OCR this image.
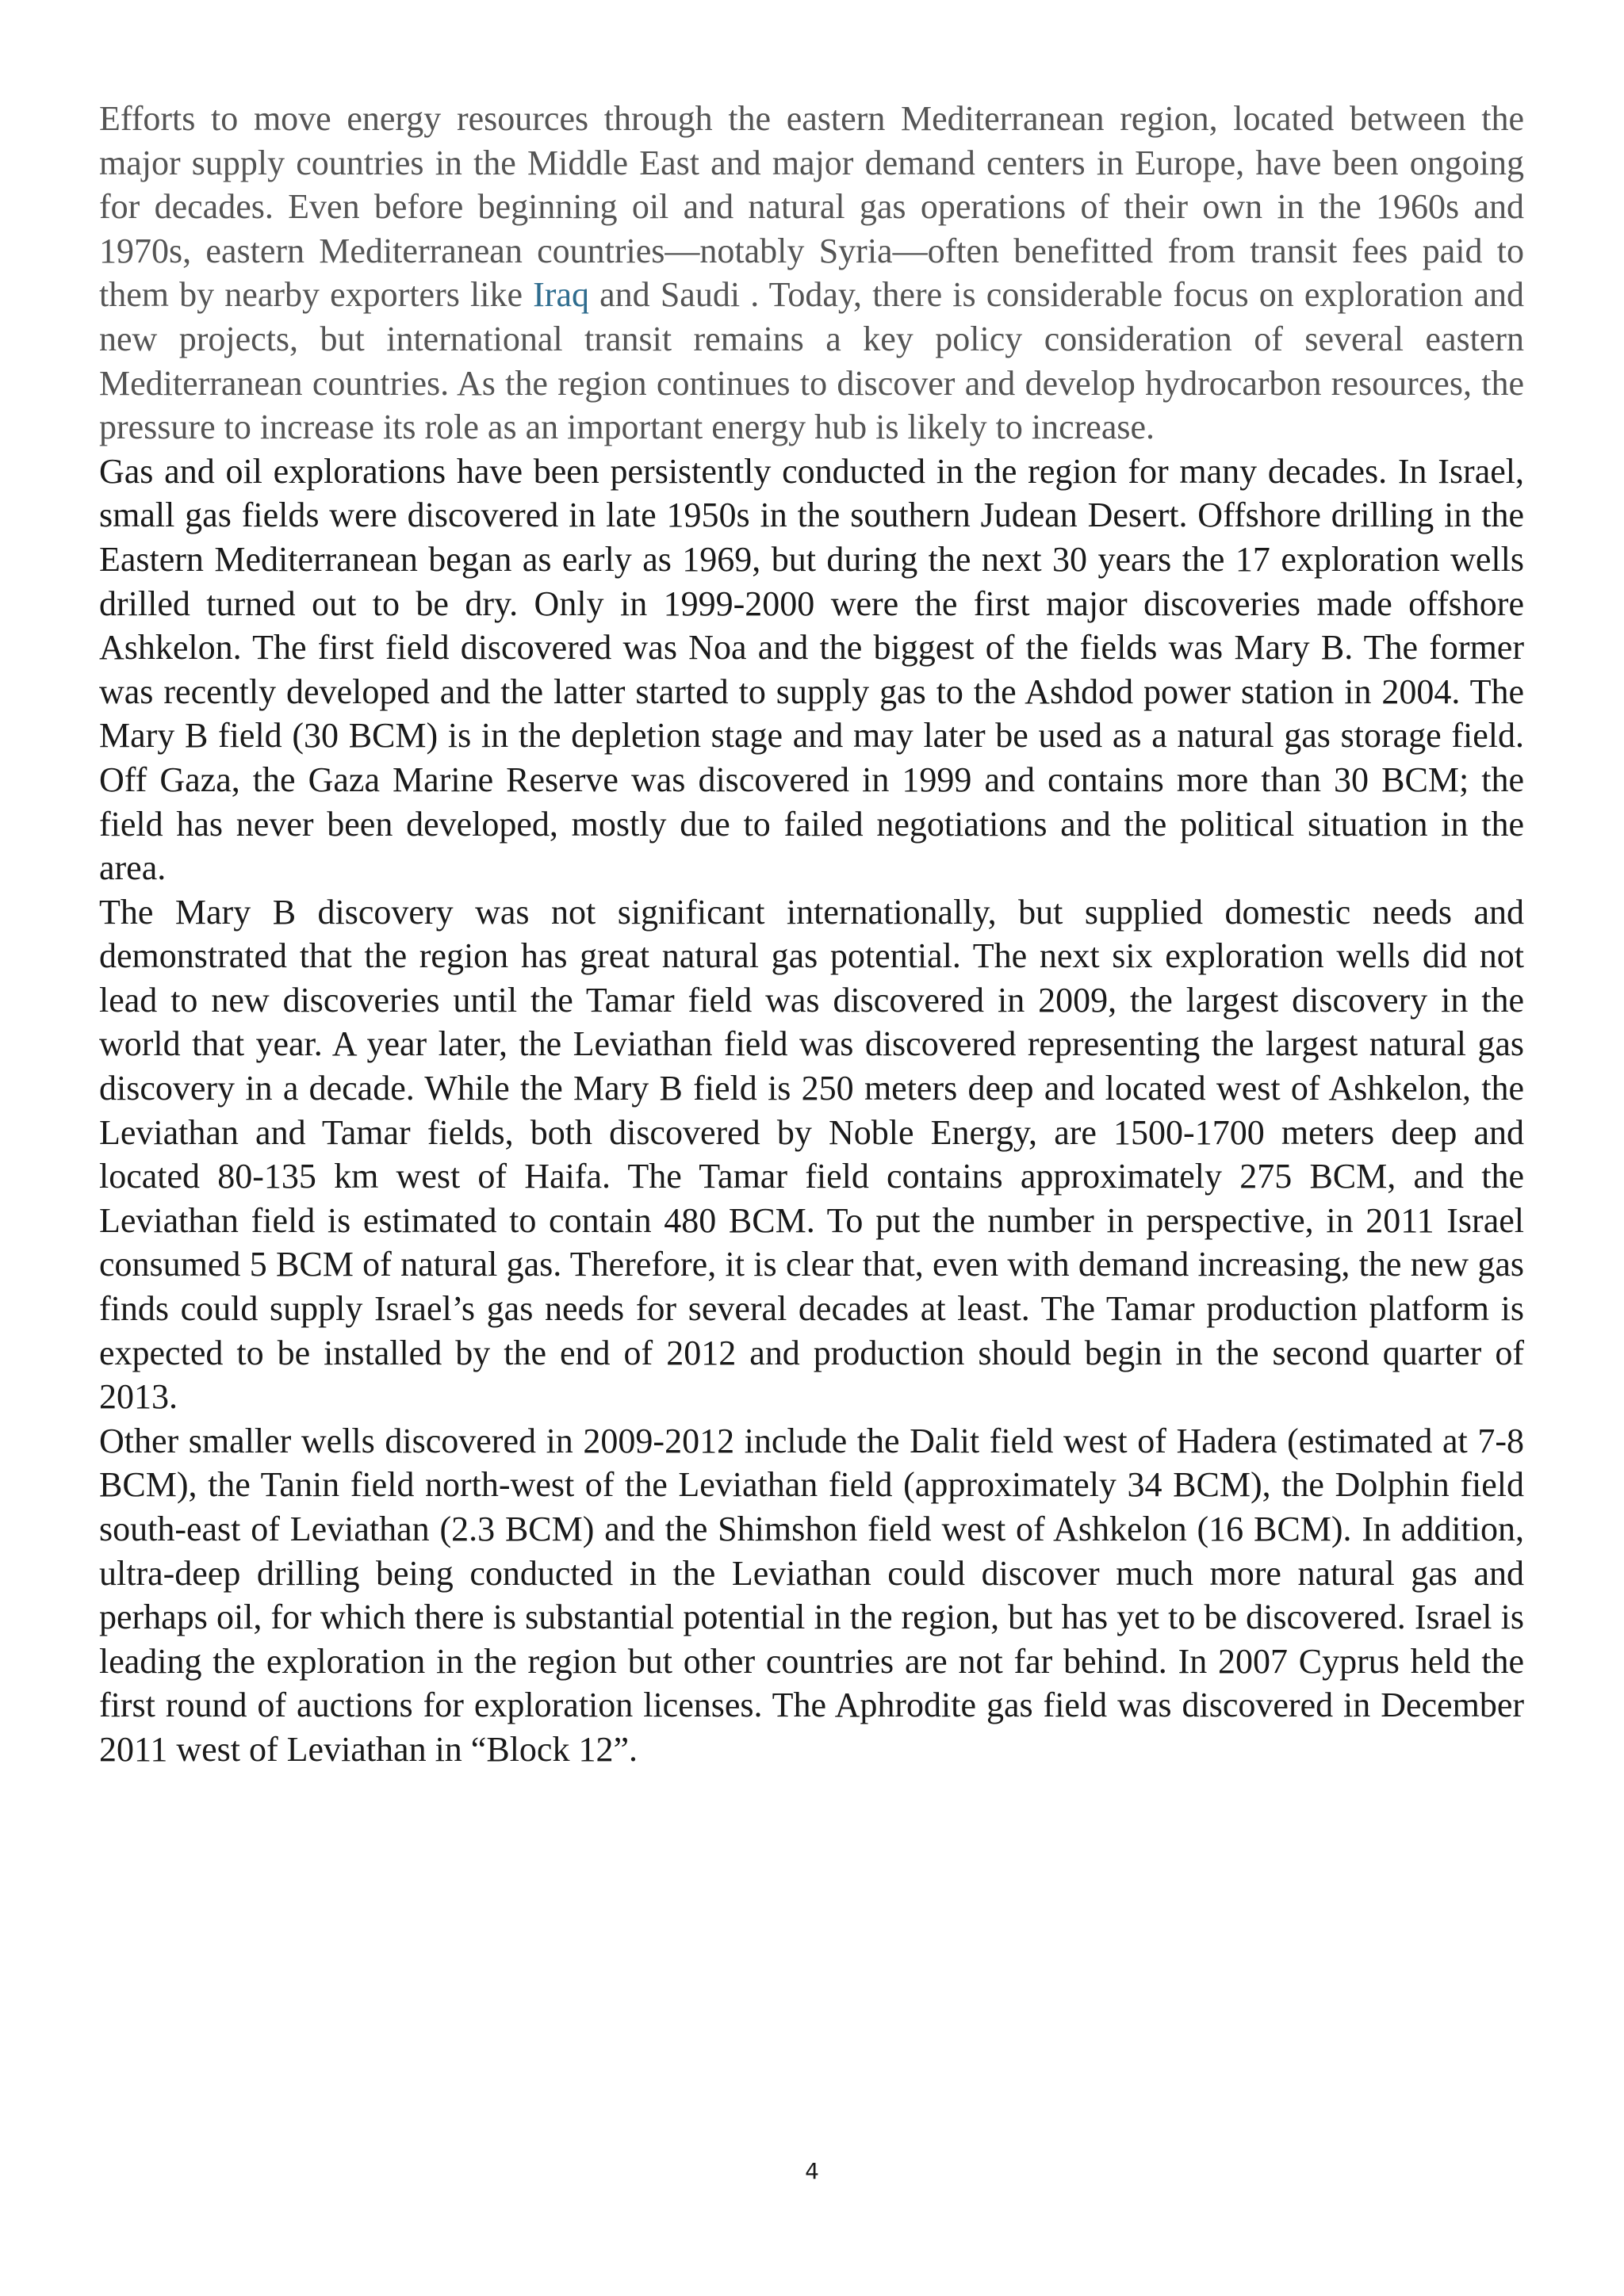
Efforts to move energy resources through the eastern Mediterranean region, located between the major supply countries in the Middle East and major demand centers in Europe, have been ongoing for decades. Even before beginning oil and natural gas operations of their own in the 1960s and 1970s, eastern Mediterranean countries—notably Syria—often benefitted from transit fees paid to them by nearby exporters like Iraq and Saudi . Today, there is considerable focus on exploration and new projects, but international transit remains a key policy consideration of several eastern Mediterranean countries. As the region continues to discover and develop hydrocarbon resources, the pressure to increase its role as an important energy hub is likely to increase.

Gas and oil explorations have been persistently conducted in the region for many decades. In Israel, small gas fields were discovered in late 1950s in the southern Judean Desert. Offshore drilling in the Eastern Mediterranean began as early as 1969, but during the next 30 years the 17 exploration wells drilled turned out to be dry. Only in 1999-2000 were the first major discoveries made offshore Ashkelon. The first field discovered was Noa and the biggest of the fields was Mary B. The former was recently developed and the latter started to supply gas to the Ashdod power station in 2004. The Mary B field (30 BCM) is in the depletion stage and may later be used as a natural gas storage field. Off Gaza, the Gaza Marine Reserve was discovered in 1999 and contains more than 30 BCM; the field has never been developed, mostly due to failed negotiations and the political situation in the area.

The Mary B discovery was not significant internationally, but supplied domestic needs and demonstrated that the region has great natural gas potential. The next six exploration wells did not lead to new discoveries until the Tamar field was discovered in 2009, the largest discovery in the world that year. A year later, the Leviathan field was discovered representing the largest natural gas discovery in a decade. While the Mary B field is 250 meters deep and located west of Ashkelon, the Leviathan and Tamar fields, both discovered by Noble Energy, are 1500-1700 meters deep and located 80-135 km west of Haifa. The Tamar field contains approximately 275 BCM, and the Leviathan field is estimated to contain 480 BCM. To put the number in perspective, in 2011 Israel consumed 5 BCM of natural gas. Therefore, it is clear that, even with demand increasing, the new gas finds could supply Israel’s gas needs for several decades at least. The Tamar production platform is expected to be installed by the end of 2012 and production should begin in the second quarter of 2013.

Other smaller wells discovered in 2009-2012 include the Dalit field west of Hadera (estimated at 7-8 BCM), the Tanin field north-west of the Leviathan field (approximately 34 BCM), the Dolphin field south-east of Leviathan (2.3 BCM) and the Shimshon field west of Ashkelon (16 BCM). In addition, ultra-deep drilling being conducted in the Leviathan could discover much more natural gas and perhaps oil, for which there is substantial potential in the region, but has yet to be discovered. Israel is leading the exploration in the region but other countries are not far behind. In 2007 Cyprus held the first round of auctions for exploration licenses. The Aphrodite gas field was discovered in December 2011 west of Leviathan in “Block 12”.

4
